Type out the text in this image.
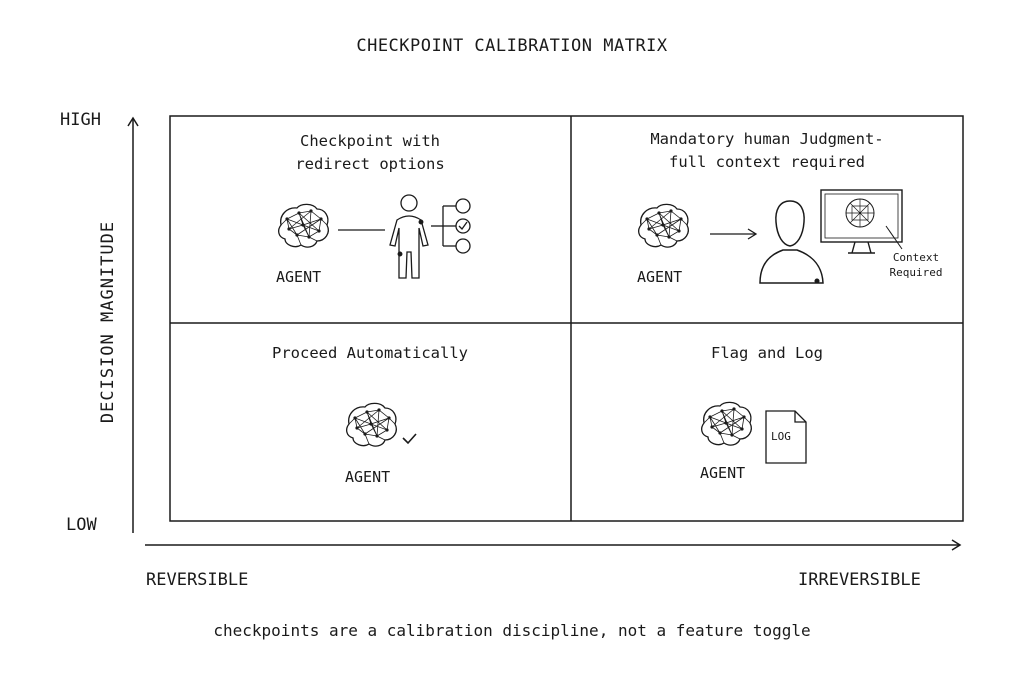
CHECKPOINT CALIBRATION MATRIX
HIGH
LOW
DECISION MAGNITUDE
REVERSIBLE	IRREVERSIBLE
Checkpoint with
redirect options
AGENT
Mandatory human Judgment-
full context required
AGENT
Context
Required
Proceed Automatically
AGENT
Flag and Log
AGENT
LOG
checkpoints are a calibration discipline, not a feature toggle
